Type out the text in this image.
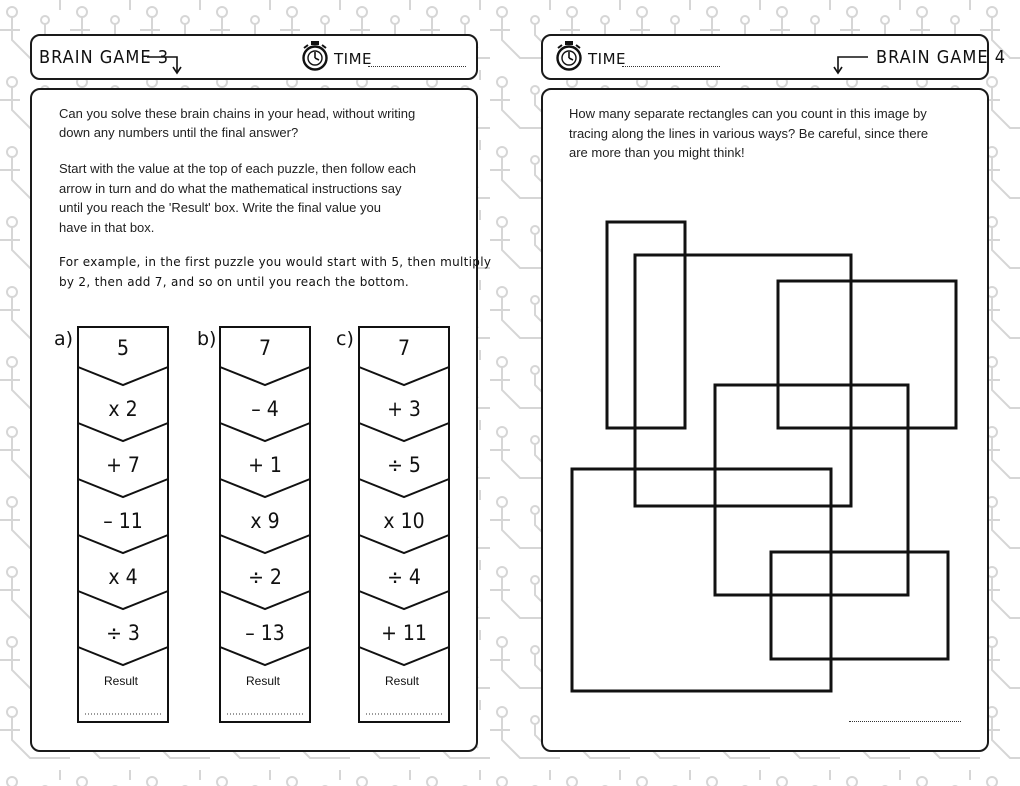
BRAIN GAME 3	TIME

Can you solve these brain chains in your head, without writing

down any numbers until the final answer?

Start with the value at the top of each puzzle, then follow each

arrow in turn and do what the mathematical instructions say

until you reach the 'Result' box. Write the final value you

have in that box.

For example, in the first puzzle you would start with 5, then multiply

by 2, then add 7, and so on until you reach the bottom.

a)	5
x 2
+ 7
– 11
x 4
÷ 3
Result
b)	7
– 4
+ 1
x 9
÷ 2
– 13
Result
c)	7
+ 3
÷ 5
x 10
÷ 4
+ 11
Result
TIME	BRAIN GAME 4

How many separate rectangles can you count in this image by

tracing along the lines in various ways? Be careful, since there

are more than you might think!
